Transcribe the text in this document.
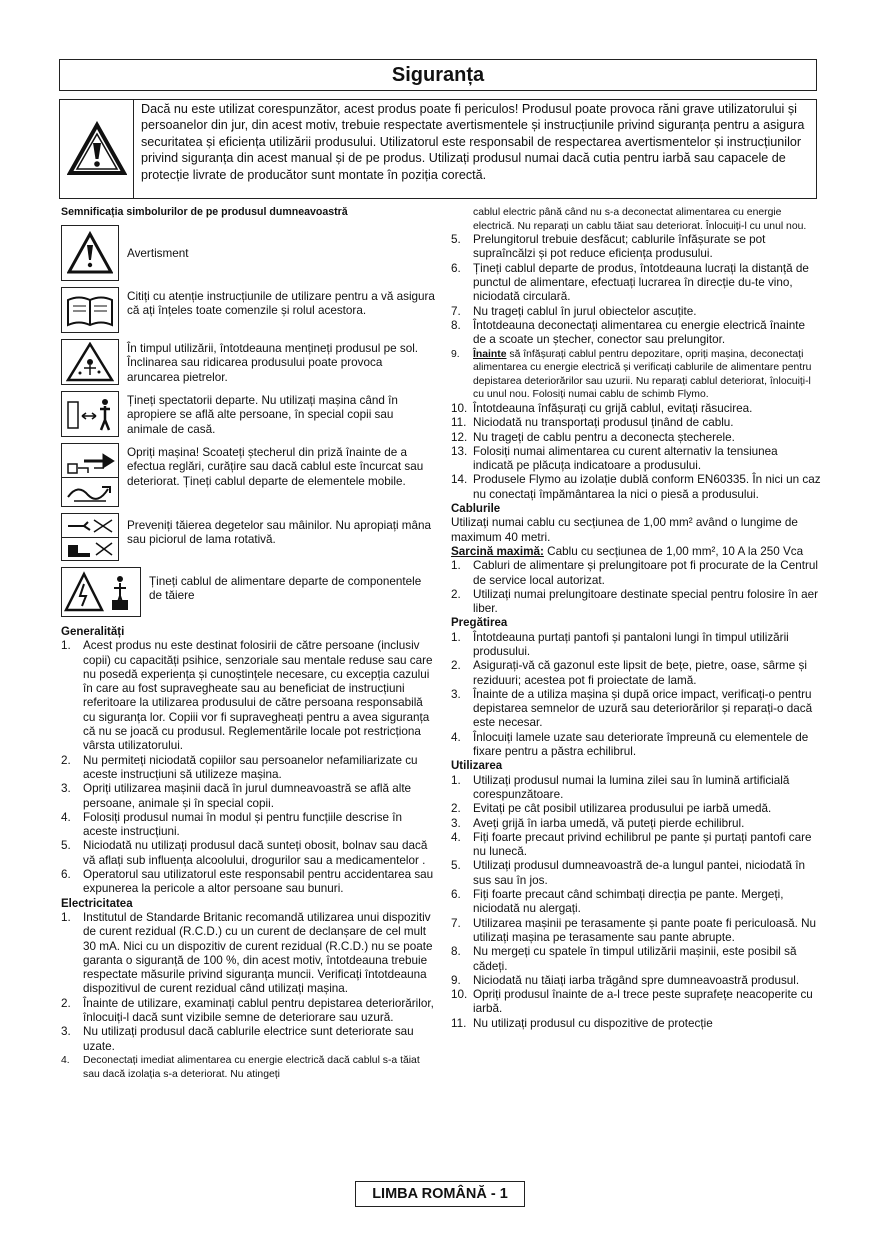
Siguranța
Dacă nu este utilizat corespunzător, acest produs poate fi periculos! Produsul poate provoca răni grave utilizatorului și persoanelor din jur, din acest motiv, trebuie respectate avertismentele și instrucțiunile privind siguranța pentru a asigura securitatea și eficiența utilizării produsului. Utilizatorul este responsabil de respectarea avertismentelor și instrucțiunilor privind siguranța din acest manual și de pe produs. Utilizați produsul numai dacă cutia pentru iarbă sau capacele de protecție livrate de producător sunt montate în poziția corectă.
Semnificația simbolurilor de pe produsul dumneavoastră
Avertisment
Citiți cu atenție instrucțiunile de utilizare pentru a vă asigura că ați înțeles toate comenzile și rolul acestora.
În timpul utilizării, întotdeauna mențineți produsul pe sol. Înclinarea sau ridicarea produsului poate provoca aruncarea pietrelor.
Țineți spectatorii departe. Nu utilizați mașina când în apropiere se află alte persoane, în special copii sau animale de casă.
Opriți mașina! Scoateți ștecherul din priză înainte de a efectua reglări, curățire sau dacă cablul este încurcat sau deteriorat. Țineți cablul departe de elementele mobile.
Preveniți tăierea degetelor sau mâinilor. Nu apropiați mâna sau piciorul de lama rotativă.
Țineți cablul de alimentare departe de componentele de tăiere
Generalități
1.	Acest produs nu este destinat folosirii de către persoane (inclusiv copii) cu capacități psihice, senzoriale sau mentale reduse sau care nu posedă experiența și cunoștințele necesare, cu excepția cazului în care au fost supravegheate sau au beneficiat de instrucțiuni referitoare la utilizarea produsului de către persoana responsabilă cu siguranța lor. Copiii vor fi supravegheați pentru a avea siguranța că nu se joacă cu produsul. Reglementările locale pot restricționa vârsta utilizatorului.
2.	Nu permiteți niciodată copiilor sau persoanelor nefamiliarizate cu aceste instrucțiuni să utilizeze mașina.
3.	Opriți utilizarea mașinii dacă în jurul dumneavoastră se află alte persoane, animale și în special copii.
4.	Folosiți produsul numai în modul și pentru funcțiile descrise în aceste instrucțiuni.
5.	Niciodată nu utilizați produsul dacă sunteți obosit, bolnav sau dacă vă aflați sub influența alcoolului, drogurilor sau a medicamentelor .
6.	Operatorul sau utilizatorul este responsabil pentru accidentarea sau expunerea la pericole a altor persoane sau bunuri.
Electricitatea
1.	Institutul de Standarde Britanic recomandă utilizarea unui dispozitiv de curent rezidual (R.C.D.) cu un curent de declanșare de cel mult 30 mA. Nici cu un dispozitiv de curent rezidual (R.C.D.) nu se poate garanta o siguranță de 100 %, din acest motiv, întotdeauna trebuie respectate măsurile privind siguranța muncii. Verificați întotdeauna dispozitivul de curent rezidual când utilizați mașina.
2.	Înainte de utilizare, examinați cablul pentru depistarea deteriorărilor, înlocuiți-l dacă sunt vizibile semne de deteriorare sau uzură.
3.	Nu utilizați produsul dacă cablurile electrice sunt deteriorate sau uzate.
4.	Deconectați imediat alimentarea cu energie electrică dacă cablul s-a tăiat sau dacă izolația s-a deteriorat. Nu atingeți
cablul electric până când nu s-a deconectat alimentarea cu energie electrică. Nu reparați un cablu tăiat sau deteriorat. Înlocuiți-l cu unul nou.
5.	Prelungitorul trebuie desfăcut; cablurile înfășurate se pot supraîncălzi și pot reduce eficiența produsului.
6.	Țineți cablul departe de produs, întotdeauna lucrați la distanță de punctul de alimentare, efectuați lucrarea în direcție du-te vino, niciodată circulară.
7.	Nu trageți cablul în jurul obiectelor ascuțite.
8.	Întotdeauna deconectați alimentarea cu energie electrică înainte de a scoate un ștecher, conector sau prelungitor.
9.	Înainte să înfășurați cablul pentru depozitare, opriți mașina, deconectați alimentarea cu energie electrică și verificați cablurile de alimentare pentru depistarea deteriorărilor sau uzurii. Nu reparați cablul deteriorat, înlocuiți-l cu unul nou. Folosiți numai cablu de schimb Flymo.
10. Întotdeauna înfășurați cu grijă cablul, evitați răsucirea.
11. Niciodată nu transportați produsul ținând de cablu.
12. Nu trageți de cablu pentru a deconecta ștecherele.
13. Folosiți numai alimentarea cu curent alternativ la tensiunea indicată pe plăcuța indicatoare a produsului.
14. Produsele Flymo au izolație dublă conform EN60335. În nici un caz nu conectați împământarea la nici o piesă a produsului.
Cablurile

Utilizați numai cablu cu secțiunea de 1,00 mm² având o lungime de maximum 40 metri.

Sarcină maximă: Cablu cu secțiunea de 1,00 mm², 10 A la 250 Vca

1.	Cabluri de alimentare și prelungitoare pot fi procurate de la Centrul de service local autorizat.
2.	Utilizați numai prelungitoare destinate special pentru folosire în aer liber.
Pregătirea
1.	Întotdeauna purtați pantofi și pantaloni lungi în timpul utilizării produsului.
2.	Asigurați-vă că gazonul este lipsit de bețe, pietre, oase, sârme și reziduuri; acestea pot fi proiectate de lamă.
3.	Înainte de a utiliza mașina și după orice impact, verificați-o pentru depistarea semnelor de uzură sau deteriorărilor și reparați-o dacă este necesar.
4.	Înlocuiți lamele uzate sau deteriorate împreună cu elementele de fixare pentru a păstra echilibrul.
Utilizarea
1.	Utilizați produsul numai la lumina zilei sau în lumină artificială corespunzătoare.
2.	Evitați pe cât posibil utilizarea produsului pe iarbă umedă.
3.	Aveți grijă în iarba umedă, vă puteți pierde echilibrul.
4.	Fiți foarte precaut privind echilibrul pe pante și purtați pantofi care nu lunecă.
5.	Utilizați produsul dumneavoastră de-a lungul pantei, niciodată în sus sau în jos.
6.	Fiți foarte precaut când schimbați direcția pe pante. Mergeți, niciodată nu alergați.
7.	Utilizarea mașinii pe terasamente și pante poate fi periculoasă. Nu utilizați mașina pe terasamente sau pante abrupte.
8.	Nu mergeți cu spatele în timpul utilizării mașinii, este posibil să cădeți.
9.	Niciodată nu tăiați iarba trăgând spre dumneavoastră produsul.
10. Opriți produsul înainte de a-l trece peste suprafețe neacoperite cu iarbă.
11. Nu utilizați produsul cu dispozitive de protecție
LIMBA ROMÂNĂ - 1
